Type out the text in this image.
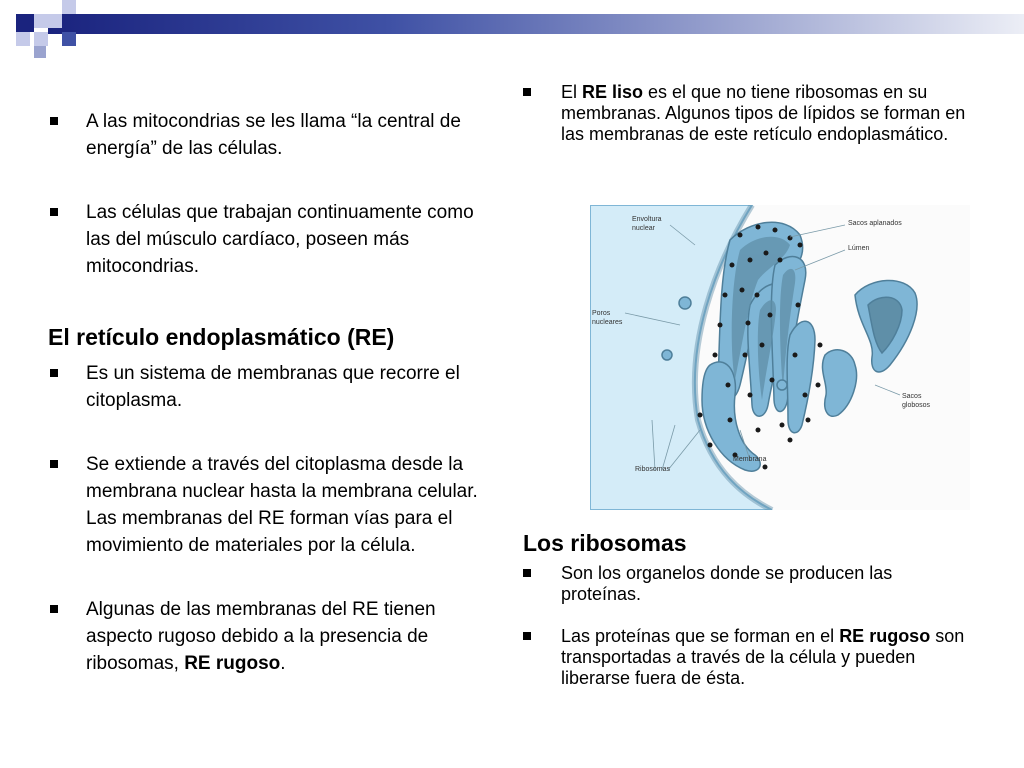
A las mitocondrias se les llama “la central de energía” de las células.
Las células que trabajan continuamente como las del músculo cardíaco, poseen más mitocondrias.
El retículo endoplasmático (RE)
Es un sistema de membranas que recorre el citoplasma.
Se extiende a través del citoplasma desde la membrana nuclear hasta la membrana celular. Las membranas del RE forman vías para el movimiento de materiales por la célula.
Algunas de las membranas del RE tienen aspecto rugoso debido a la presencia de ribosomas, RE rugoso.
El RE liso es el que no tiene ribosomas en su membranas. Algunos tipos de lípidos se forman en las membranas de este retículo endoplasmático.
Envoltura
nuclear
Sacos aplanados
Lúmen
Poros
nucleares
Sacos
globosos
Ribosomas
Membrana
Los ribosomas
Son los organelos donde se producen las proteínas.
Las proteínas que se forman en el RE rugoso son transportadas a través de la célula y pueden liberarse fuera de ésta.
